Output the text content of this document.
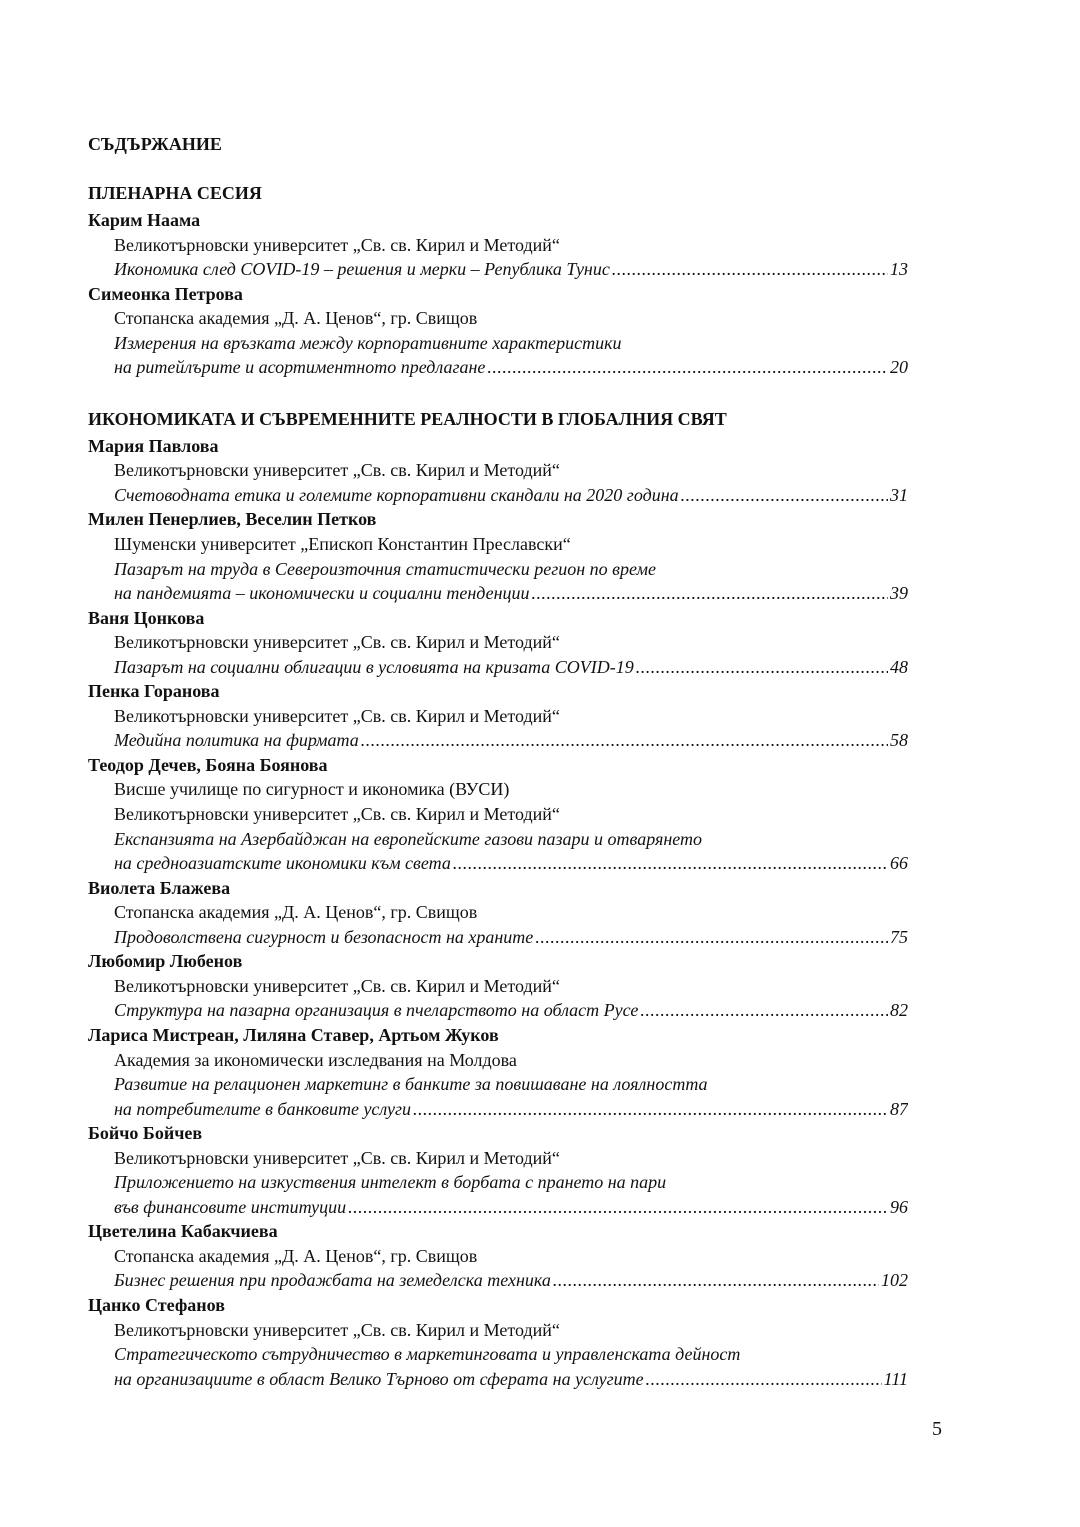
СЪДЪРЖАНИЕ
ПЛЕНАРНА СЕСИЯ
Карим Наама
Великотърновски университет „Св. св. Кирил и Методий“
Икономика след COVID-19 – решения и мерки – Република Тунис .....	13
Симеонка Петрова
Стопанска академия „Д. А. Ценов“, гр. Свищов
Измерения на връзката между корпоративните характеристики
на ритейлърите и асортиментното предлагане .....	20
ИКОНОМИКАТА И СЪВРЕМЕННИТЕ РЕАЛНОСТИ В ГЛОБАЛНИЯ СВЯТ
Мария Павлова
Великотърновски университет „Св. св. Кирил и Методий“
Счетоводната етика и големите корпоративни скандали на 2020 година .....	31
Милен Пенерлиев, Веселин Петков
Шуменски университет „Епископ Константин Преславски“
Пазарът на труда в Североизточния статистически регион по време
на пандемията – икономически и социални тенденции .....	39
Ваня Цонкова
Великотърновски университет „Св. св. Кирил и Методий“
Пазарът на социални облигации в условията на кризата COVID-19 .....	48
Пенка Горанова
Великотърновски университет „Св. св. Кирил и Методий“
Медийна политика на фирмата .....	58
Теодор Дечев, Бояна Боянова
Висше училище по сигурност и икономика (ВУСИ)
Великотърновски университет „Св. св. Кирил и Методий“
Експанзията на Азербайджан на европейските газови пазари и отварянето
на средноазиатските икономики към света .....	66
Виолета Блажева
Стопанска академия „Д. А. Ценов“, гр. Свищов
Продоволствена сигурност и безопасност на храните .....	75
Любомир Любенов
Великотърновски университет „Св. св. Кирил и Методий“
Структура на пазарна организация в пчеларството на област Русе .....	82
Лариса Мистреан, Лиляна Ставер, Артьом Жуков
Академия за икономически изследвания на Молдова
Развитие на релационен маркетинг в банките за повишаване на лоялността
на потребителите в банковите услуги .....	87
Бойчо Бойчев
Великотърновски университет „Св. св. Кирил и Методий“
Приложението на изкуствения интелект в борбата с прането на пари
във финансовите институции .....	96
Цветелина Кабакчиева
Стопанска академия „Д. А. Ценов“, гр. Свищов
Бизнес решения при продажбата на земеделска техника .....	102
Цанко Стефанов
Великотърновски университет „Св. св. Кирил и Методий“
Стратегическото сътрудничество в маркетинговата и управленската дейност
на организациите в област Велико Търново от сферата на услугите .....	111
5
